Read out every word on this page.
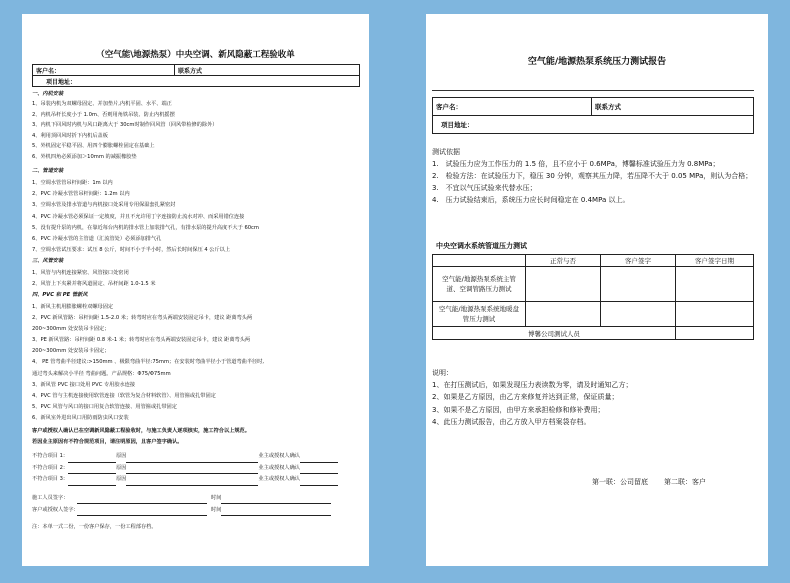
（空气能\地源热泵）中央空调、新风隐蔽工程验收单
客户名：	联系方式
项目地址：
一、内机安装
1、吊装内机为双螺母固定、并加垫片,内机平固、水平、端正
2、内机吊杆长度小于 1.0m、否则用角铁吊装、防止内机摇摆
3、内机下回风时内机与风口距离大于 30cm时制作回风管（回风带检修的除外）
4、利用顶回风时折下内机后盖板
5、外机固定平稳平固、用四个膨胀螺栓固定在基础上
6、外机四角必须添加＞10mm 的减振橡胶垫
二、管道安装
1、空调水管管吊杆间距：1m 以内
2、PVC 冷凝水管管吊杆间距：1.2m 以内
3、空调水管及排水管道与内机接口处采用专用保温套扎紧密封
4、PVC 冷凝水管必须保证一定坡度，并且不允许用丁字连接防止流水对冲、而采用错位连接
5、没有提升泵的内机，在靠近每台内机的排水管上加装排气孔，有排水泵的提升高度不大于 60cm
6、PVC 冷凝水管的主管道（汇流管处）必须添加排气孔
7、空调水管试压要求：试压 8 公斤，时间不小于半小时，然后长时间保压 4 公斤以上
三、风管安装
1、风管与内机连接紧密、风管接口处密闭
2、风管上下夹紧并将风道固定、吊杆间距 1.0-1.5 米
四、PVC 和 PE 管新风
1、新风主机用膨胀螺栓双螺母固定
2、PVC 新风管路：吊杆间距 1.5-2.0 米；转弯时应在弯头两端安装固定吊卡，建议 距离弯头两
200~300mm 处安装吊卡固定；
3、PE 新风管路：吊杆间距 0.8 米-1 米；转弯时应在弯头两端安装固定吊卡，建议 距离弯头两
200~300mm 处安装吊卡固定；
4、 PE 管弯曲半径建议:>150mm 、极限弯曲半径:75mm；在安装时弯曲半径小于管道弯曲半径时,
通过弯头来解决小半径 弯曲问题。产品规格：Φ75/Φ75mm
3、新风管 PVC 接口处用 PVC 专用胶水连接
4、PVC 管与主机连接使用软管连接（软管为复合材料软管）、用管箍或扎带固定
5、PVC 风管与风口的接口用复合软管连接、用管箍或扎带固定
6、新风室外进出风口用防雨防虫风口安装
客户或授权人确认已在空调新风隐蔽工程验收时，与施工负责人逐项核实，施工符合以上规范。
若因业主原因有不符合规范项目，请注明原因，且客户签字确认。
不符合项目 1：	原因	业主或授权人确认
不符合项目 2：	原因	业主或授权人确认
不符合项目 3：	原因	业主或授权人确认
施工人员签字：	时间
客户或授权人签字：	时间
注：本单一式二份，一份客户保存，一份工程部存档。
空气能/地源热泵系统压力测试报告
客户名：	联系方式
项目地址：
测试依据
1.　试验压力应为工作压力的 1.5 倍，且不应小于 0.6MPa，博馨标准试验压力为 0.8MPa；
2.　检验方法：在试验压力下，稳压 30 分钟，观察其压力降，若压降不大于 0.05 MPa，则认为合格；
3.　不宜以气压试验来代替水压；
4.　压力试验结束后，系统压力应长时间稳定在 0.4MPa 以上。
中央空调水系统管道压力测试
	正常与否	客户签字	客户签字日期
空气能/地源热泵系统主管道、空调管路压力测试			
空气能/地源热泵系统地暖盘管压力测试			
博馨公司测试人员			
说明：
1、在打压测试后，如果发现压力表读数为零，请及时通知乙方；
2、如果是乙方原因，由乙方来修复并达到正常，保证质量；
3、如果不是乙方原因，由甲方来承担检修和修补费用；
4、此压力测试报告，由乙方放入甲方档案袋存档。
第一联：公司留底 第二联：客户
